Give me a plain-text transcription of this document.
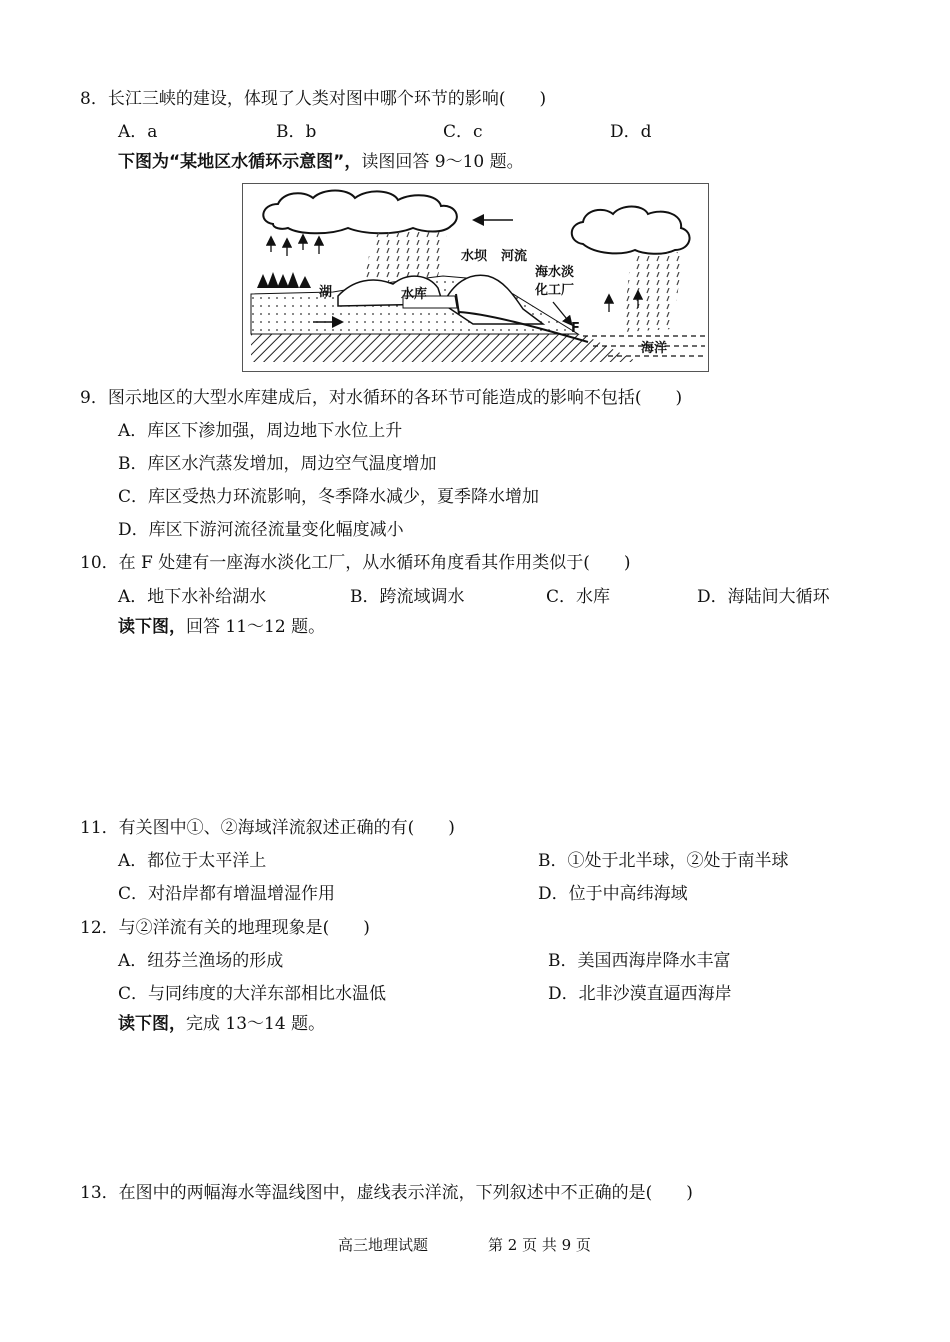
8．长江三峡的建设，体现了人类对图中哪个环节的影响(　　)
A．a	B．b	C．c	D．d
下图为“某地区水循环示意图”，读图回答 9～10 题。
湖	水库
水坝 河流
海水淡
化工厂
F
海洋
9．图示地区的大型水库建成后，对水循环的各环节可能造成的影响不包括(　　)
A．库区下渗加强，周边地下水位上升
B．库区水汽蒸发增加，周边空气温度增加
C．库区受热力环流影响，冬季降水减少，夏季降水增加
D．库区下游河流径流量变化幅度减小
10．在 F 处建有一座海水淡化工厂，从水循环角度看其作用类似于(　　)
A．地下水补给湖水	B．跨流域调水	C．水库	D．海陆间大循环
读下图，回答 11～12 题。
11．有关图中①、②海域洋流叙述正确的有(　　)
A．都位于太平洋上	B．①处于北半球，②处于南半球
C．对沿岸都有增温增湿作用	D．位于中高纬海域
12．与②洋流有关的地理现象是(　　)
A．纽芬兰渔场的形成	B．美国西海岸降水丰富
C．与同纬度的大洋东部相比水温低	D．北非沙漠直逼西海岸
读下图，完成 13～14 题。
13．在图中的两幅海水等温线图中，虚线表示洋流，下列叙述中不正确的是(　　)
高三地理试题	第 2 页 共 9 页
